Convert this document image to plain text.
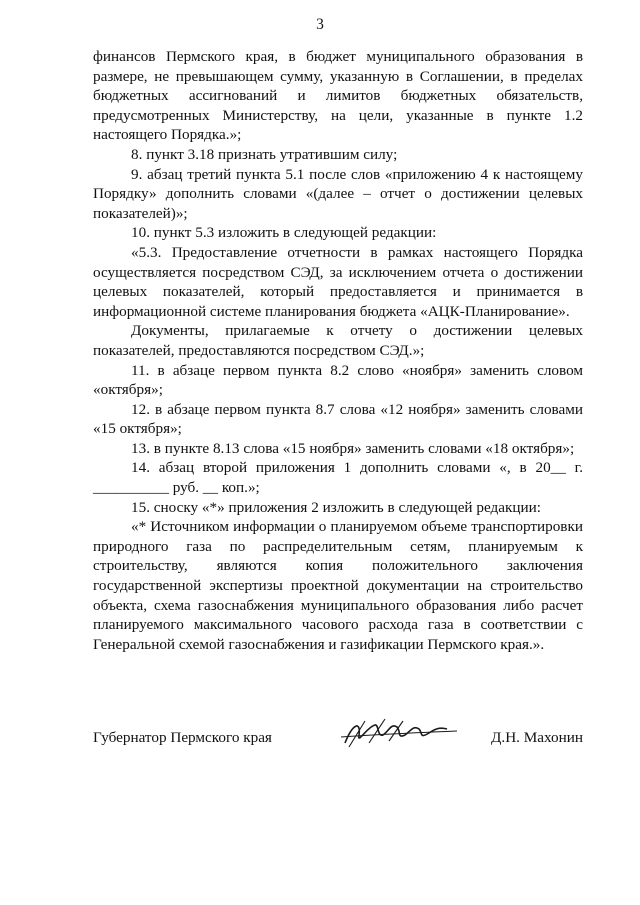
3

финансов Пермского края, в бюджет муниципального образования в размере, не превышающем сумму, указанную в Соглашении, в пределах бюджетных ассигнований и лимитов бюджетных обязательств, предусмотренных Министерству, на цели, указанные в пункте 1.2 настоящего Порядка.»;

8. пункт 3.18 признать утратившим силу;

9. абзац третий пункта 5.1 после слов «приложению 4 к настоящему Порядку» дополнить словами «(далее – отчет о достижении целевых показателей)»;

10. пункт 5.3 изложить в следующей редакции:

«5.3. Предоставление отчетности в рамках настоящего Порядка осуществляется посредством СЭД, за исключением отчета о достижении целевых показателей, который предоставляется и принимается в информационной системе планирования бюджета «АЦК-Планирование».

Документы, прилагаемые к отчету о достижении целевых показателей, предоставляются посредством СЭД.»;

11. в абзаце первом пункта 8.2 слово «ноября» заменить словом «октября»;

12. в абзаце первом пункта 8.7 слова «12 ноября» заменить словами «15 октября»;

13. в пункте 8.13 слова «15 ноября» заменить словами «18 октября»;

14. абзац второй приложения 1 дополнить словами «, в 20__ г. __________ руб. __ коп.»;

15. сноску «*» приложения 2 изложить в следующей редакции:

«* Источником информации о планируемом объеме транспортировки природного газа по распределительным сетям, планируемым к строительству, являются копия положительного заключения государственной экспертизы проектной документации на строительство объекта, схема газоснабжения муниципального образования либо расчет планируемого максимального часового расхода газа в соответствии с Генеральной схемой газоснабжения и газификации Пермского края.».

Губернатор Пермского края	Д.Н. Махонин
